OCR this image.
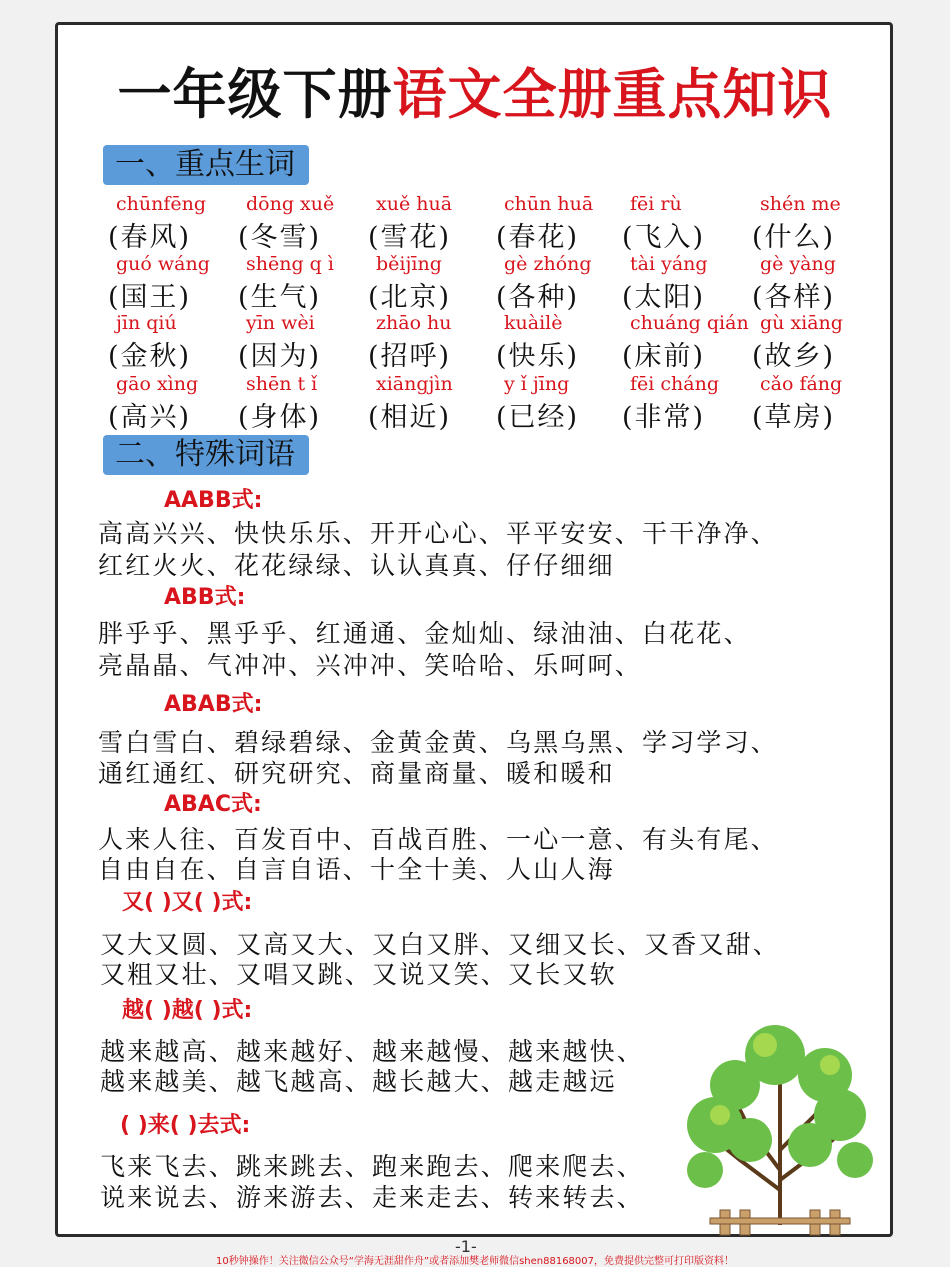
一年级下册语文全册重点知识
一、重点生词
chūnfēng
(春风)
dōng xuě
(冬雪)
xuě huā
(雪花)
chūn huā
(春花)
fēi rù
(飞入)
shén me
(什么)
guó wáng
(国王)
shēng q ì
(生气)
běijīng
(北京)
gè zhóng
(各种)
tài yáng
(太阳)
gè yàng
(各样)
jīn qiú
(金秋)
yīn wèi
(因为)
zhāo hu
(招呼)
kuàilè
(快乐)
chuáng qián
(床前)
gù xiāng
(故乡)
gāo xìng
(高兴)
shēn t ǐ
(身体)
xiāngjìn
(相近)
y ǐ jīng
(已经)
fēi cháng
(非常)
cǎo fáng
(草房)
二、特殊词语
AABB式:
高高兴兴、快快乐乐、开开心心、平平安安、干干净净、
红红火火、花花绿绿、认认真真、仔仔细细
ABB式:
胖乎乎、黑乎乎、红通通、金灿灿、绿油油、白花花、
亮晶晶、气冲冲、兴冲冲、笑哈哈、乐呵呵、
ABAB式:
雪白雪白、碧绿碧绿、金黄金黄、乌黑乌黑、学习学习、
通红通红、研究研究、商量商量、暖和暖和
ABAC式:
人来人往、百发百中、百战百胜、一心一意、有头有尾、
自由自在、自言自语、十全十美、人山人海
又( )又( )式:
又大又圆、又高又大、又白又胖、又细又长、又香又甜、
又粗又壮、又唱又跳、又说又笑、又长又软
越( )越( )式:
越来越高、越来越好、越来越慢、越来越快、
越来越美、越飞越高、越长越大、越走越远
( )来( )去式:
飞来飞去、跳来跳去、跑来跑去、爬来爬去、
说来说去、游来游去、走来走去、转来转去、
-1-
10秒钟操作！关注微信公众号“学海无涯甜作舟”或者添加樊老师微信shen88168007，免费提供完整可打印版资料！
